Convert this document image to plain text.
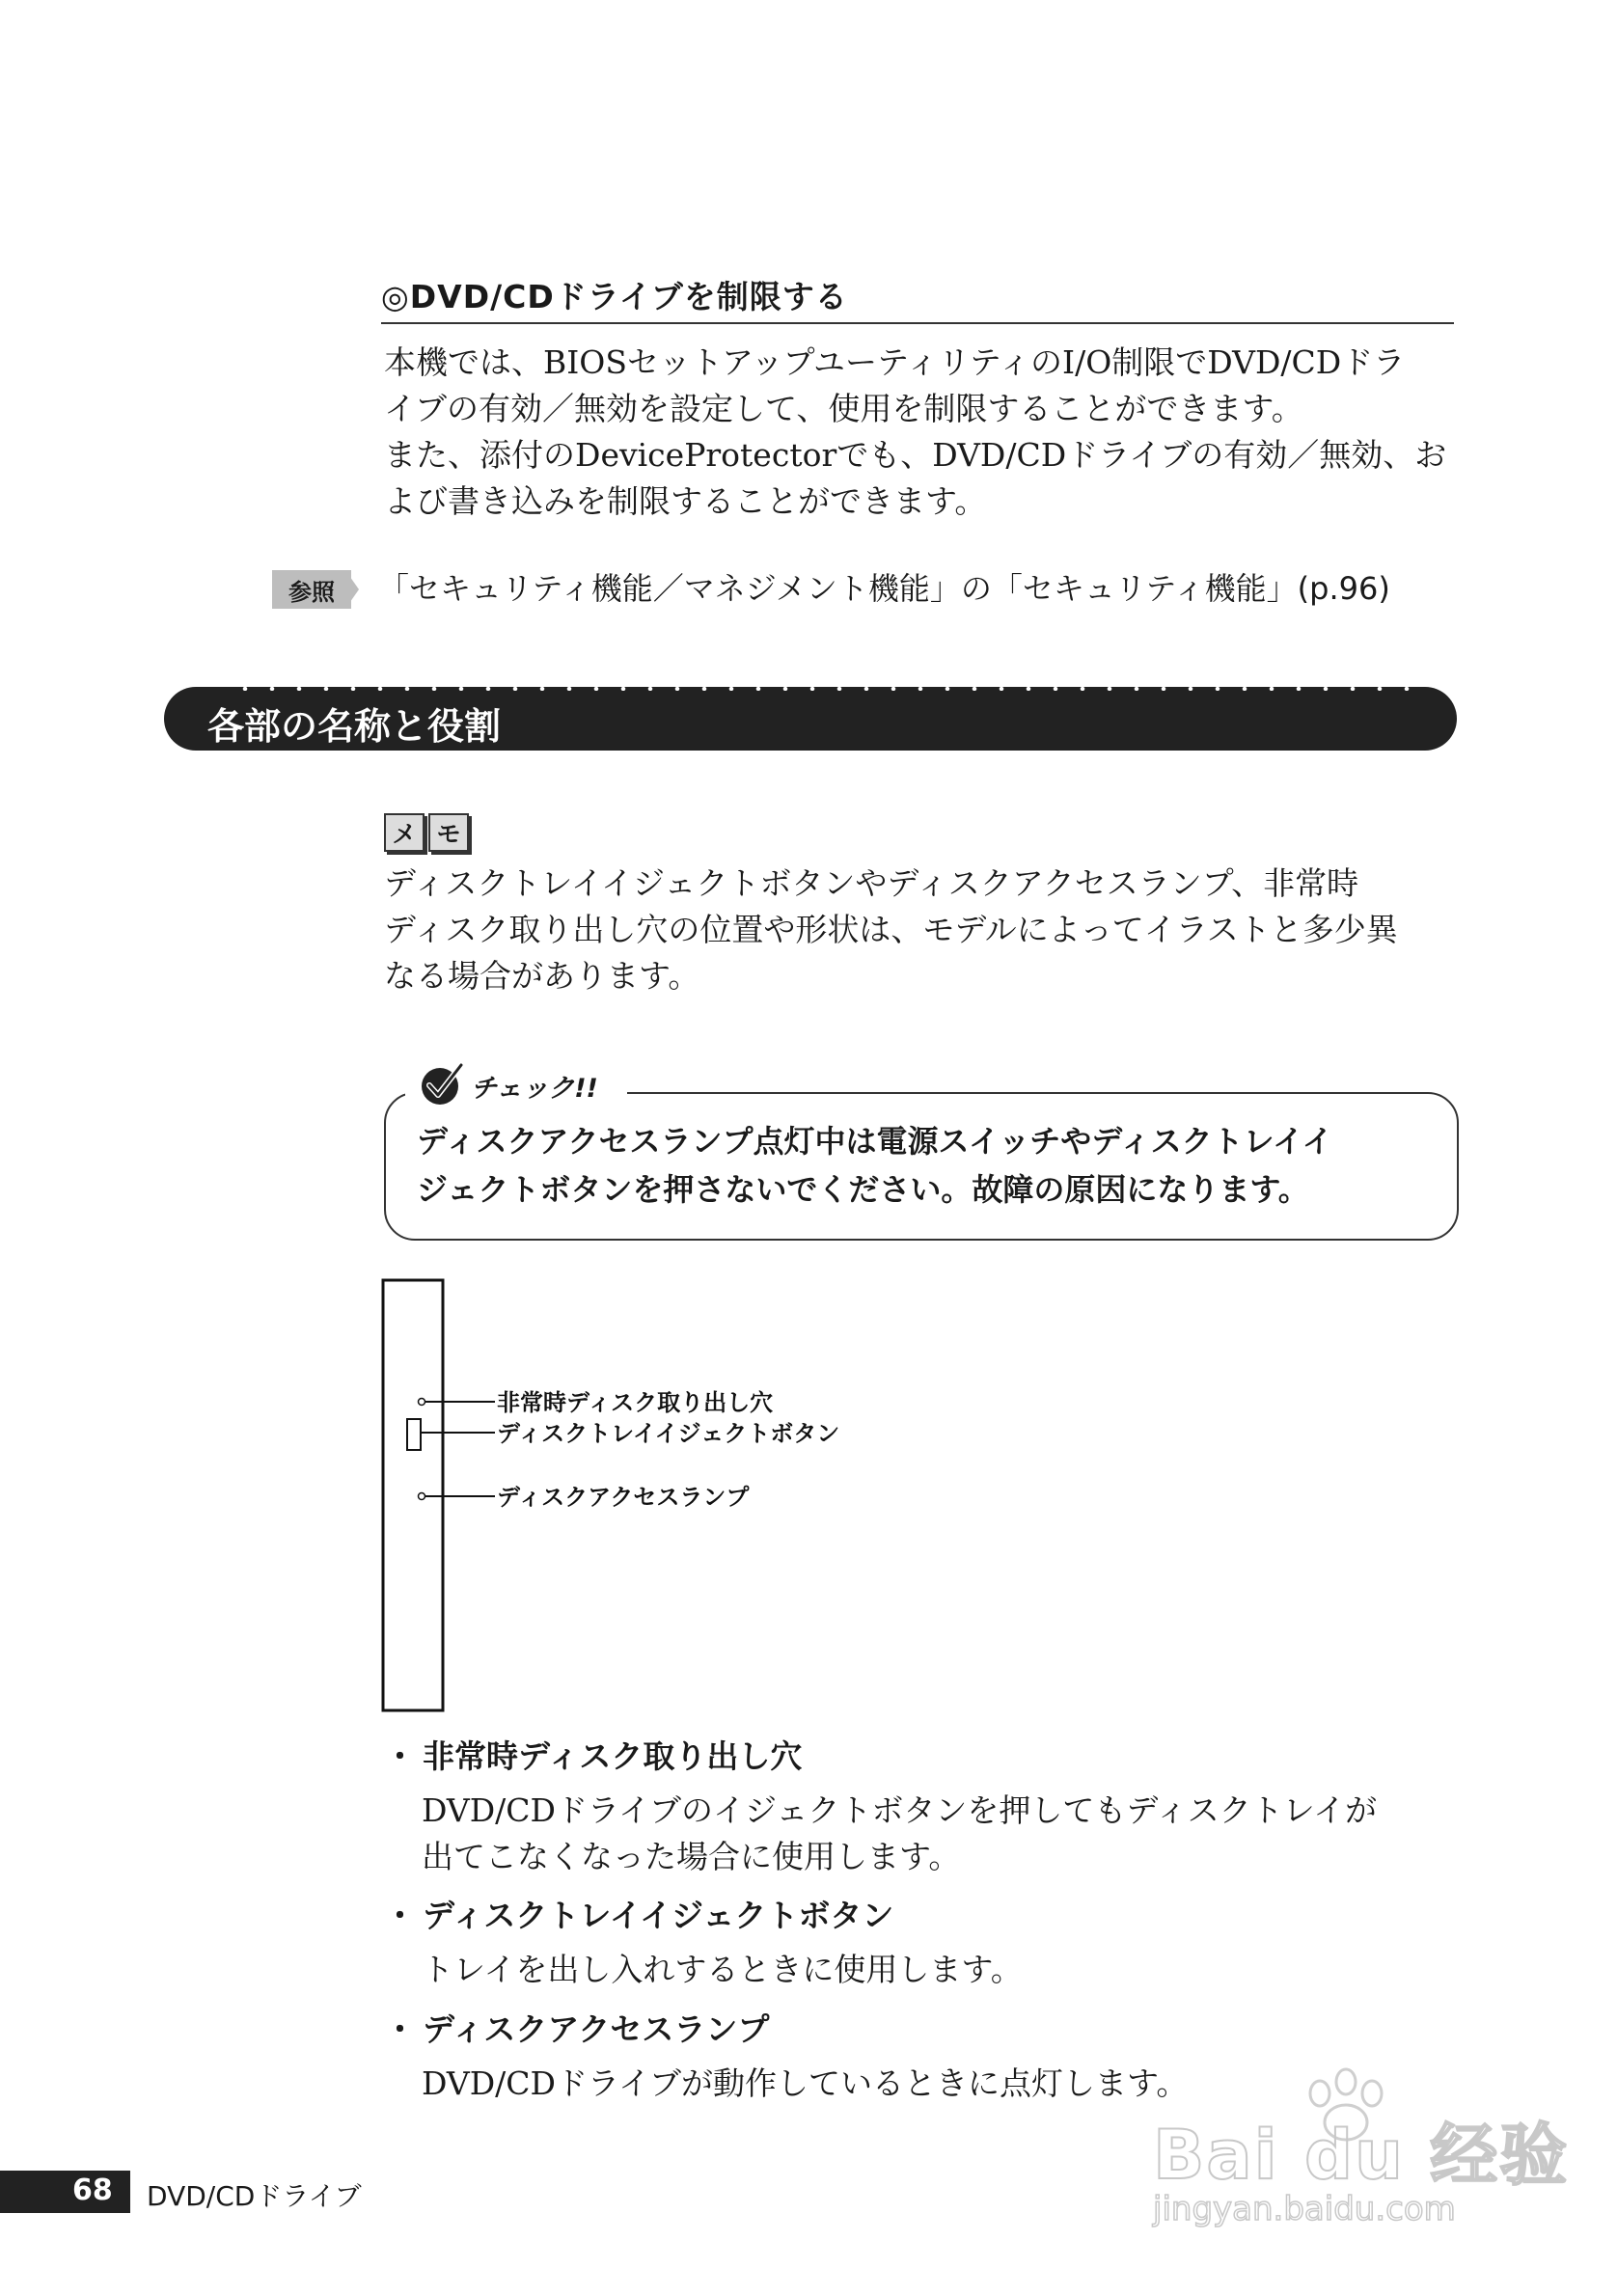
◎DVD/CDドライブを制限する
本機では、BIOSセットアップユーティリティのI/O制限でDVD/CDドラ
イブの有効／無効を設定して、使用を制限することができます。
また、添付のDeviceProtectorでも、DVD/CDドライブの有効／無効、お
よび書き込みを制限することができます。
参照	「セキュリティ機能／マネジメント機能」の「セキュリティ機能」(p.96)
各部の名称と役割
メ モ
ディスクトレイイジェクトボタンやディスクアクセスランプ、非常時
ディスク取り出し穴の位置や形状は、モデルによってイラストと多少異
なる場合があります。
チェック!!
ディスクアクセスランプ点灯中は電源スイッチやディスクトレイイ
ジェクトボタンを押さないでください。故障の原因になります。
非常時ディスク取り出し穴
ディスクトレイイジェクトボタン
ディスクアクセスランプ
・ 非常時ディスク取り出し穴
DVD/CDドライブのイジェクトボタンを押してもディスクトレイが
出てこなくなった場合に使用します。
・ ディスクトレイイジェクトボタン
トレイを出し入れするときに使用します。
・ ディスクアクセスランプ
DVD/CDドライブが動作しているときに点灯します。
68 DVD/CDドライブ
Bai du 经验
jingyan.baidu.com
